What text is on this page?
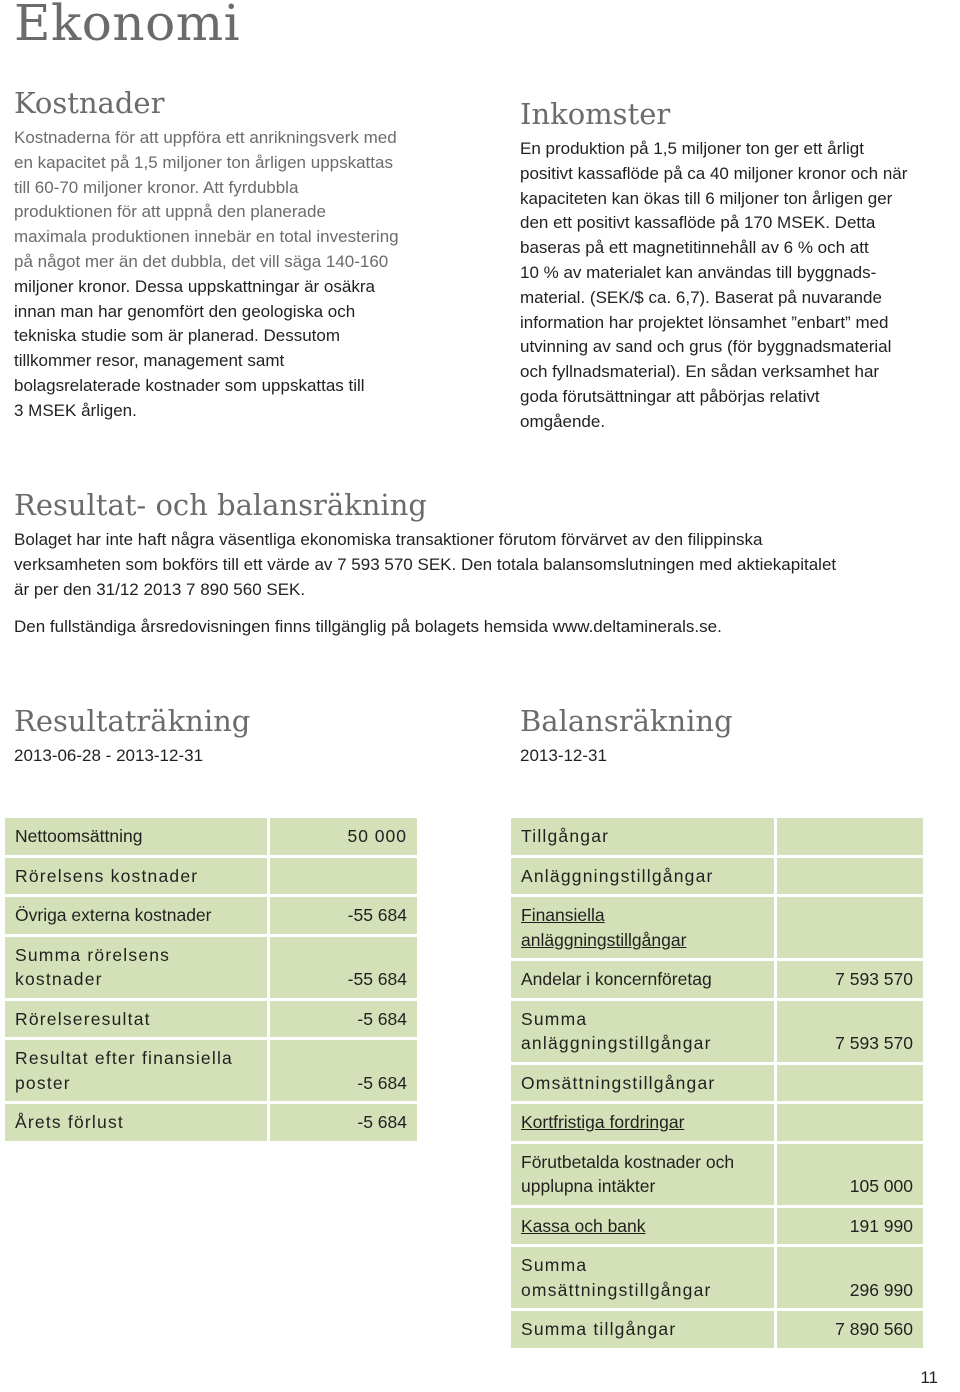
Ekonomi
Kostnader
Kostnaderna för att uppföra ett anrikningsverk med
en kapacitet på 1,5 miljoner ton årligen uppskattas
till 60-70 miljoner kronor. Att fyrdubbla
produktionen för att uppnå den planerade
maximala produktionen innebär en total investering
på något mer än det dubbla, det vill säga 140-160
miljoner kronor. Dessa uppskattningar är osäkra
innan man har genomfört den geologiska och
tekniska studie som är planerad. Dessutom
tillkommer resor, management samt
bolagsrelaterade kostnader som uppskattas till
3 MSEK årligen.
Inkomster
En produktion på 1,5 miljoner ton ger ett årligt
positivt kassaflöde på ca 40 miljoner kronor och när
kapaciteten kan ökas till 6 miljoner ton årligen ger
den ett positivt kassaflöde på 170 MSEK. Detta
baseras på ett magnetitinnehåll av 6 % och att
10 % av materialet kan användas till byggnads-
material. (SEK/$ ca. 6,7). Baserat på nuvarande
information har projektet lönsamhet ”enbart” med
utvinning av sand och grus (för byggnadsmaterial
och fyllnadsmaterial). En sådan verksamhet har
goda förutsättningar att påbörjas relativt
omgående.
Resultat- och balansräkning
Bolaget har inte haft några väsentliga ekonomiska transaktioner förutom förvärvet av den filippinska
verksamheten som bokförs till ett värde av 7 593 570 SEK. Den totala balansomslutningen med aktiekapitalet
är per den 31/12 2013 7 890 560 SEK.
Den fullständiga årsredovisningen finns tillgänglig på bolagets hemsida www.deltaminerals.se.
Resultaträkning

2013-06-28 - 2013-12-31

Balansräkning

2013-12-31

Nettoomsättning	50 000
Rörelsens kostnader	
Övriga externa kostnader	-55 684
Summa rörelsens kostnader	-55 684
Rörelseresultat	-5 684
Resultat efter finansiella poster	-5 684
Årets förlust	-5 684
Tillgångar	
Anläggningstillgångar	
Finansiella anläggningstillgångar	
Andelar i koncernföretag	7 593 570
Summa anläggningstillgångar	7 593 570
Omsättningstillgångar	
Kortfristiga fordringar	
Förutbetalda kostnader och upplupna intäkter	105 000
Kassa och bank	191 990
Summa omsättningstillgångar	296 990
Summa tillgångar	7 890 560
11
